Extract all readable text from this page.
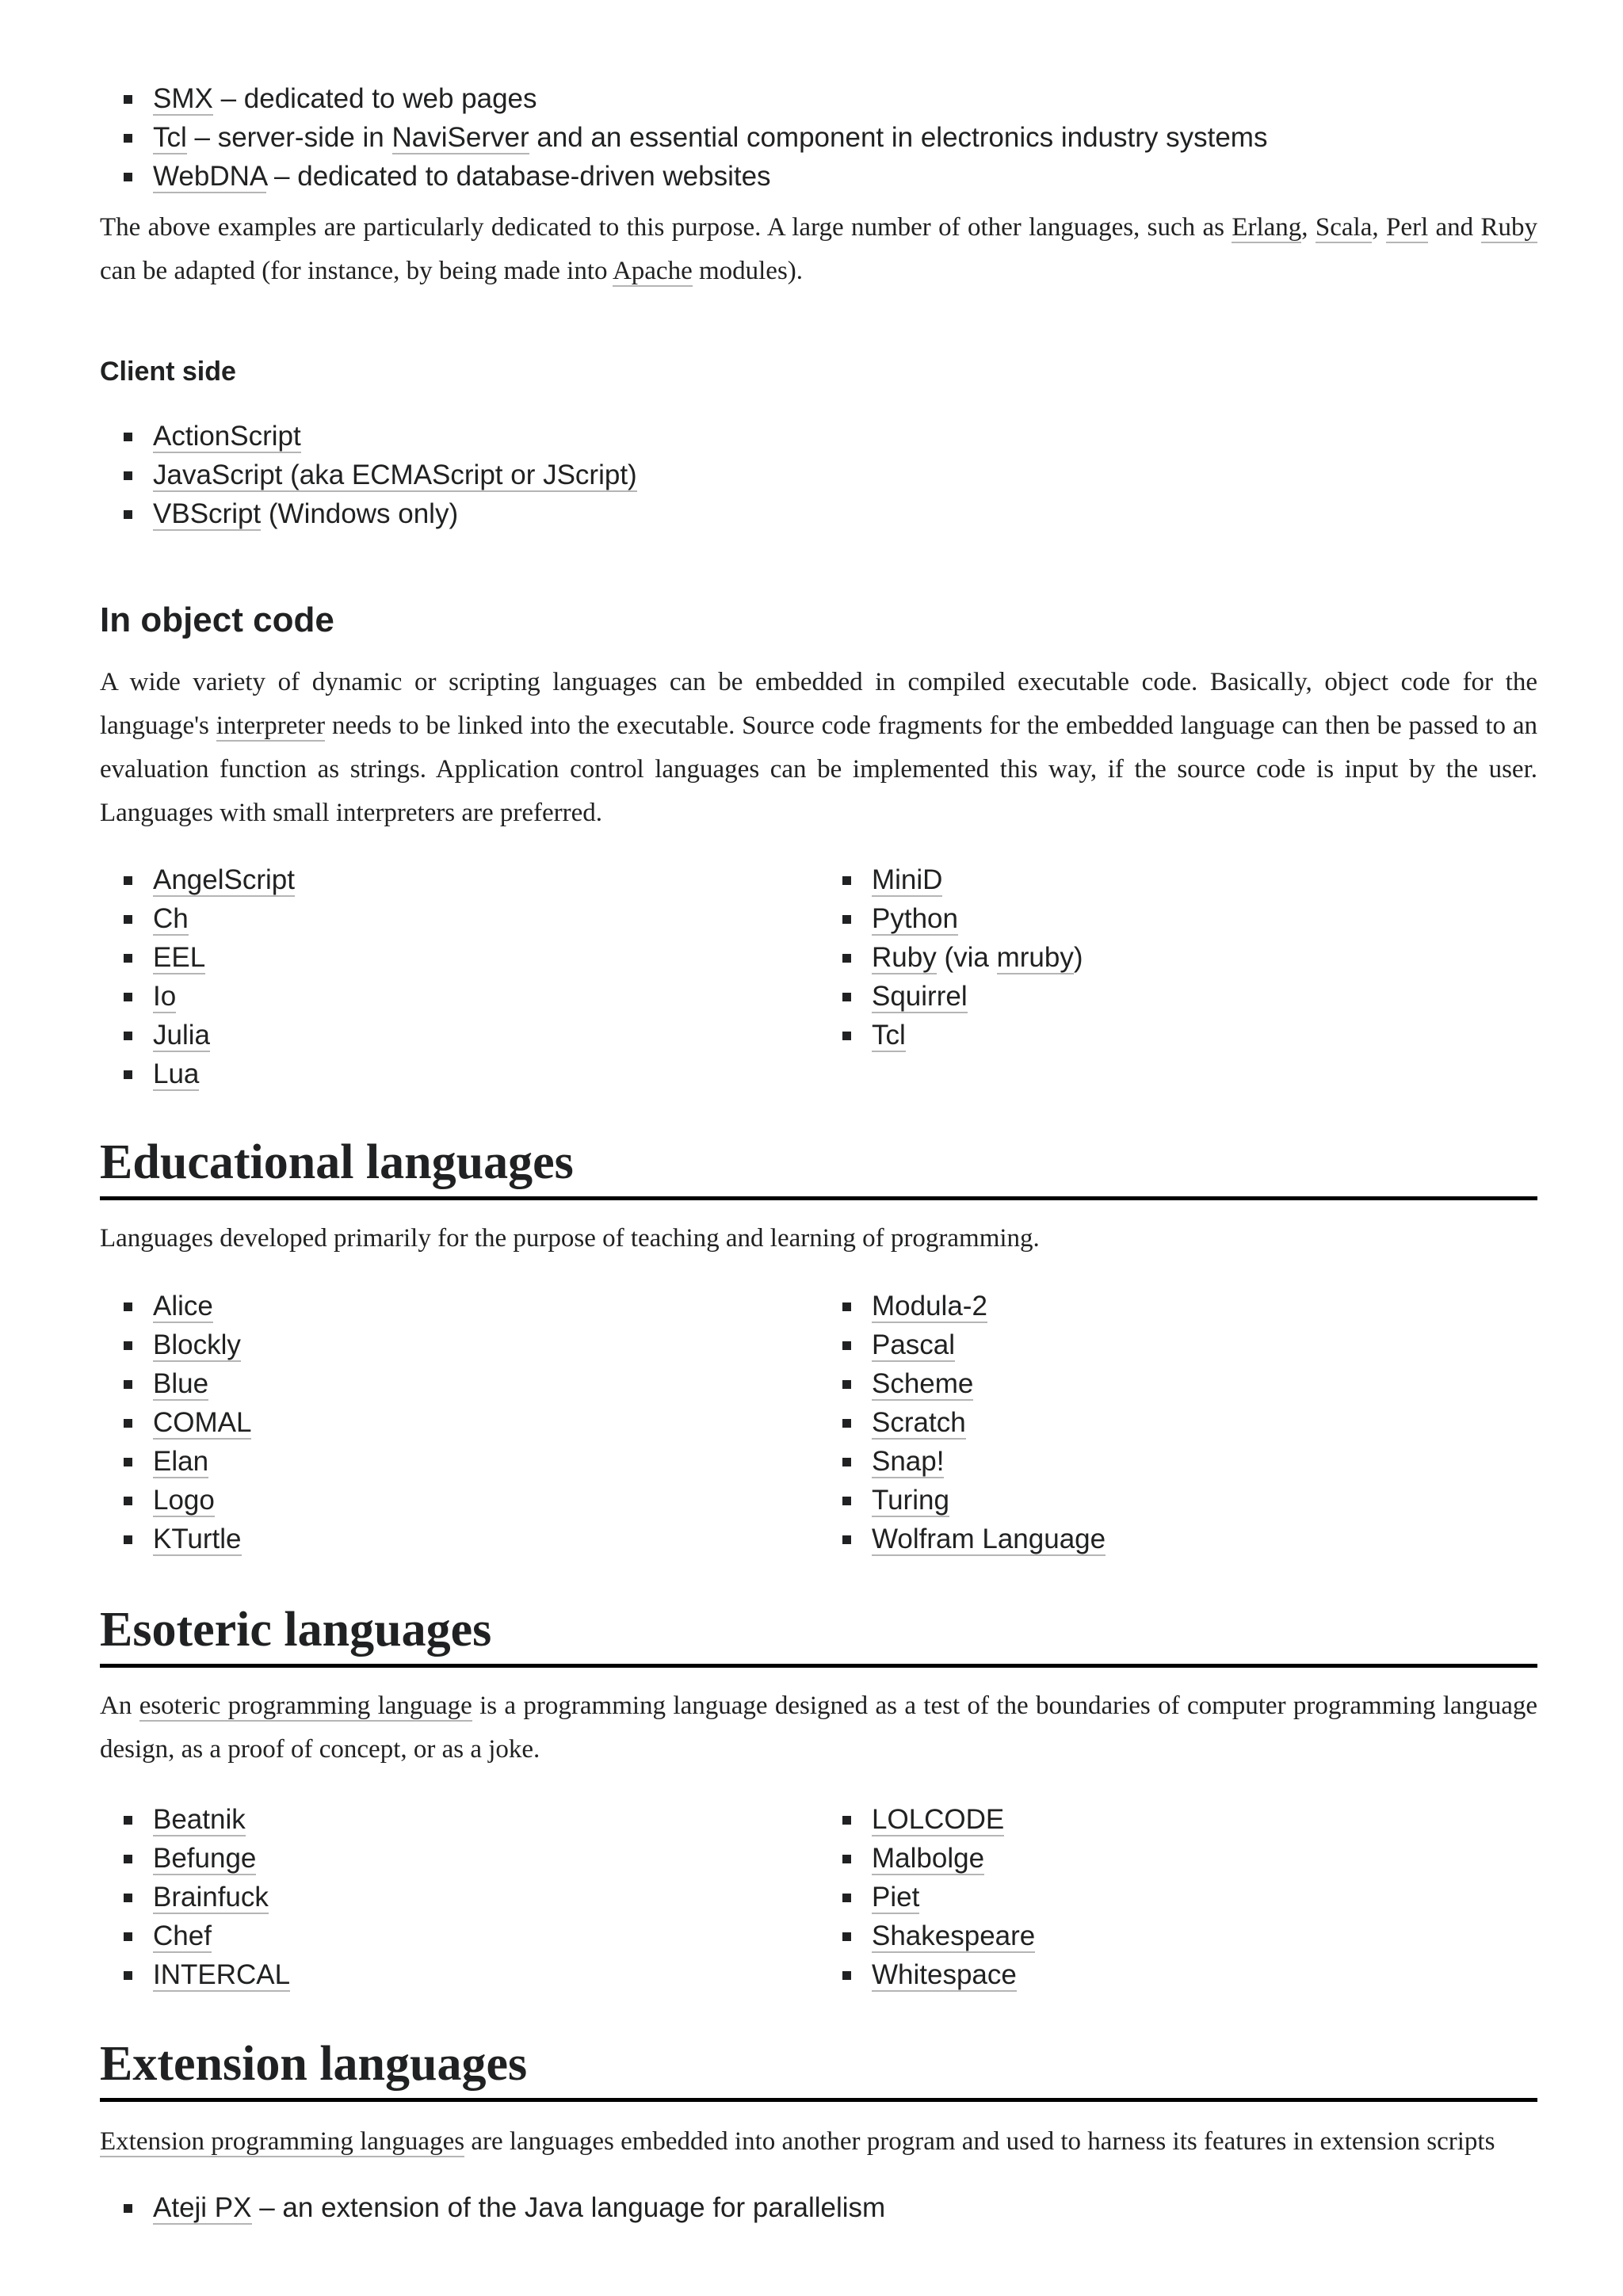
SMX – dedicated to web pages
Tcl – server-side in NaviServer and an essential component in electronics industry systems
WebDNA – dedicated to database-driven websites

The above examples are particularly dedicated to this purpose. A large number of other languages, such as Erlang, Scala, Perl and Ruby can be adapted (for instance, by being made into Apache modules).

Client side
ActionScript
JavaScript (aka ECMAScript or JScript)
VBScript (Windows only)
In object code

A wide variety of dynamic or scripting languages can be embedded in compiled executable code. Basically, object code for the language's interpreter needs to be linked into the executable. Source code fragments for the embedded language can then be passed to an evaluation function as strings. Application control languages can be implemented this way, if the source code is input by the user. Languages with small interpreters are preferred.

AngelScript
Ch
EEL
Io
Julia
Lua
MiniD
Python
Ruby (via mruby)
Squirrel
Tcl
Educational languages

Languages developed primarily for the purpose of teaching and learning of programming.

Alice
Blockly
Blue
COMAL
Elan
Logo
KTurtle
Modula-2
Pascal
Scheme
Scratch
Snap!
Turing
Wolfram Language
Esoteric languages

An esoteric programming language is a programming language designed as a test of the boundaries of computer programming language design, as a proof of concept, or as a joke.

Beatnik
Befunge
Brainfuck
Chef
INTERCAL
LOLCODE
Malbolge
Piet
Shakespeare
Whitespace
Extension languages

Extension programming languages are languages embedded into another program and used to harness its features in extension scripts

Ateji PX – an extension of the Java language for parallelism
